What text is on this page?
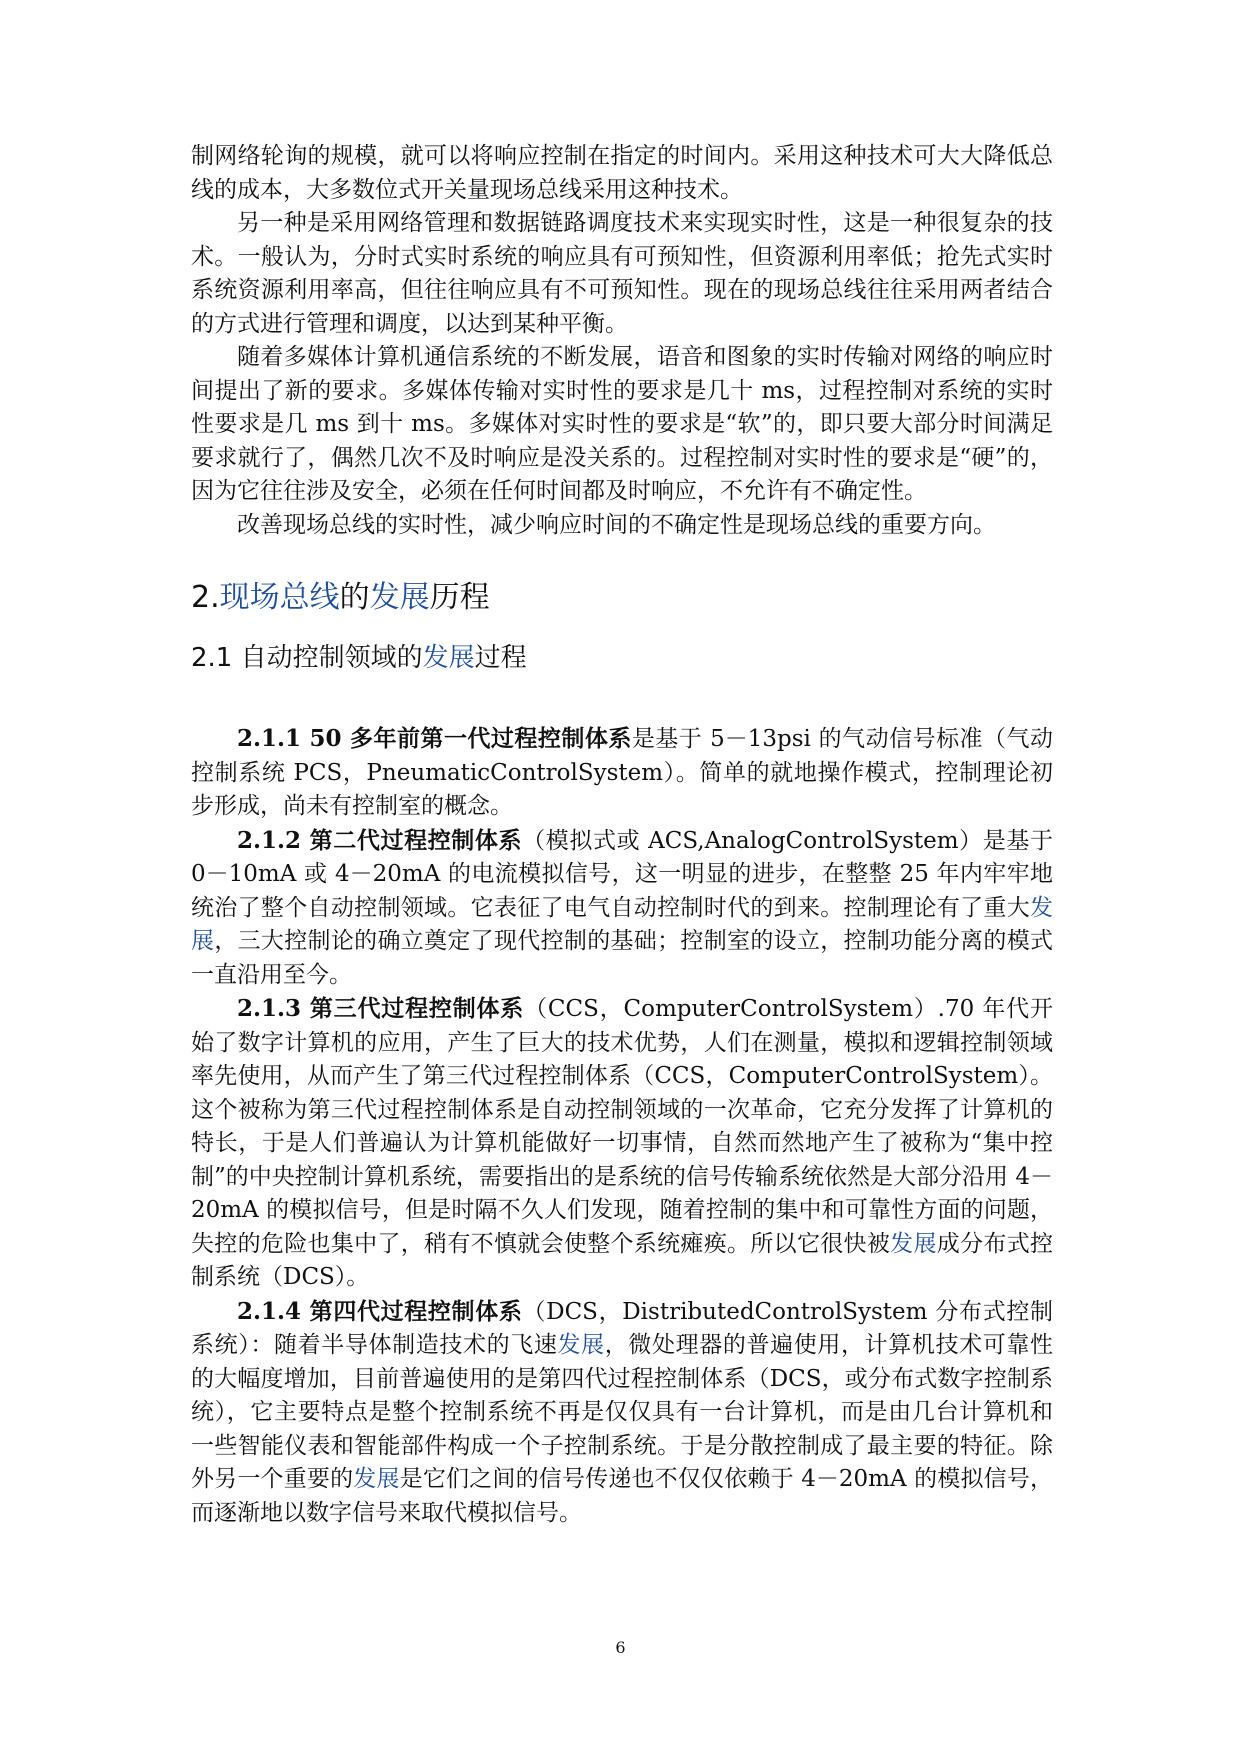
制网络轮询的规模，就可以将响应控制在指定的时间内。采用这种技术可大大降低总线的成本，大多数位式开关量现场总线采用这种技术。

另一种是采用网络管理和数据链路调度技术来实现实时性，这是一种很复杂的技术。一般认为，分时式实时系统的响应具有可预知性，但资源利用率低；抢先式实时系统资源利用率高，但往往响应具有不可预知性。现在的现场总线往往采用两者结合的方式进行管理和调度，以达到某种平衡。

随着多媒体计算机通信系统的不断发展，语音和图象的实时传输对网络的响应时间提出了新的要求。多媒体传输对实时性的要求是几十 ms，过程控制对系统的实时性要求是几 ms 到十 ms。多媒体对实时性的要求是“软”的，即只要大部分时间满足要求就行了，偶然几次不及时响应是没关系的。过程控制对实时性的要求是“硬”的，因为它往往涉及安全，必须在任何时间都及时响应，不允许有不确定性。

改善现场总线的实时性，减少响应时间的不确定性是现场总线的重要方向。

2.现场总线的发展历程
2.1 自动控制领域的发展过程

2.1.1 50 多年前第一代过程控制体系是基于 5－13psi 的气动信号标准（气动控制系统 PCS，PneumaticControlSystem）。简单的就地操作模式，控制理论初步形成，尚未有控制室的概念。

2.1.2 第二代过程控制体系（模拟式或 ACS,AnalogControlSystem）是基于 0－10mA 或 4－20mA 的电流模拟信号，这一明显的进步，在整整 25 年内牢牢地统治了整个自动控制领域。它表征了电气自动控制时代的到来。控制理论有了重大发展，三大控制论的确立奠定了现代控制的基础；控制室的设立，控制功能分离的模式一直沿用至今。

2.1.3 第三代过程控制体系（CCS，ComputerControlSystem）.70 年代开始了数字计算机的应用，产生了巨大的技术优势，人们在测量，模拟和逻辑控制领域率先使用，从而产生了第三代过程控制体系（CCS，ComputerControlSystem）。这个被称为第三代过程控制体系是自动控制领域的一次革命，它充分发挥了计算机的特长，于是人们普遍认为计算机能做好一切事情，自然而然地产生了被称为“集中控制”的中央控制计算机系统，需要指出的是系统的信号传输系统依然是大部分沿用 4－20mA 的模拟信号，但是时隔不久人们发现，随着控制的集中和可靠性方面的问题，失控的危险也集中了，稍有不慎就会使整个系统瘫痪。所以它很快被发展成分布式控制系统（DCS）。

2.1.4 第四代过程控制体系（DCS，DistributedControlSystem 分布式控制系统）：随着半导体制造技术的飞速发展，微处理器的普遍使用，计算机技术可靠性的大幅度增加，目前普遍使用的是第四代过程控制体系（DCS，或分布式数字控制系统），它主要特点是整个控制系统不再是仅仅具有一台计算机，而是由几台计算机和一些智能仪表和智能部件构成一个子控制系统。于是分散控制成了最主要的特征。除外另一个重要的发展是它们之间的信号传递也不仅仅依赖于 4－20mA 的模拟信号，而逐渐地以数字信号来取代模拟信号。

6
